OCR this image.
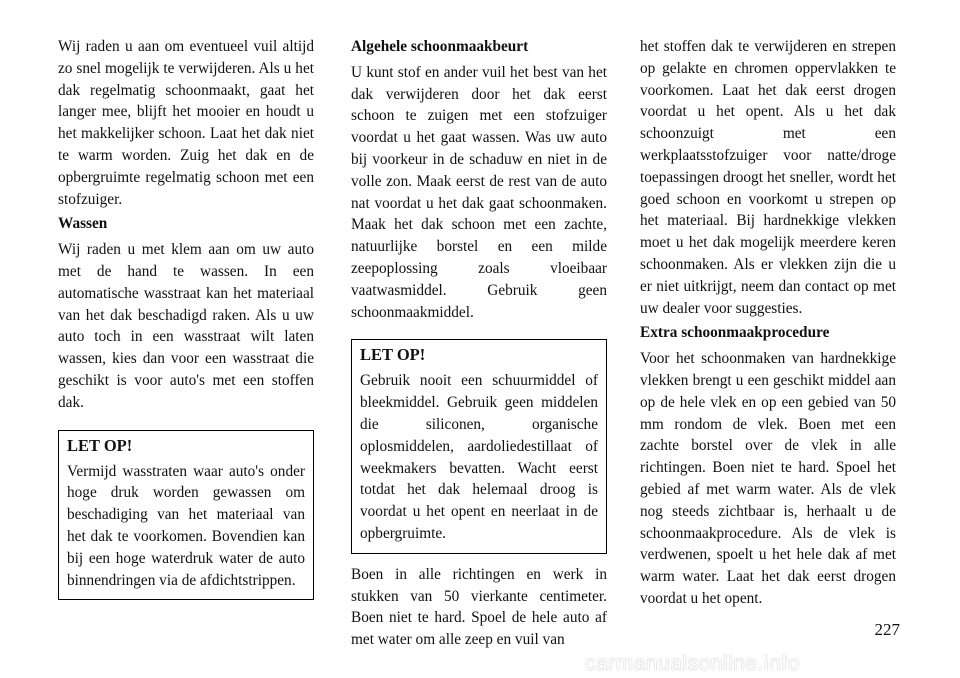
Wij raden u aan om eventueel vuil altijd zo snel mogelijk te verwijderen. Als u het dak regelmatig schoonmaakt, gaat het langer mee, blijft het mooier en houdt u het makkelijker schoon. Laat het dak niet te warm worden. Zuig het dak en de opbergruimte regelmatig schoon met een stofzuiger.

Wassen

Wij raden u met klem aan om uw auto met de hand te wassen. In een automatische wasstraat kan het materiaal van het dak beschadigd raken. Als u uw auto toch in een wasstraat wilt laten wassen, kies dan voor een wasstraat die geschikt is voor auto's met een stoffen dak.

LET OP!

Vermijd wasstraten waar auto's onder hoge druk worden gewassen om beschadiging van het materiaal van het dak te voorkomen. Bovendien kan bij een hoge waterdruk water de auto binnendringen via de afdichtstrippen.

Algehele schoonmaakbeurt

U kunt stof en ander vuil het best van het dak verwijderen door het dak eerst schoon te zuigen met een stofzuiger voordat u het gaat wassen. Was uw auto bij voorkeur in de schaduw en niet in de volle zon. Maak eerst de rest van de auto nat voordat u het dak gaat schoonmaken. Maak het dak schoon met een zachte, natuurlijke borstel en een milde zeepoplossing zoals vloeibaar vaatwasmiddel. Gebruik geen schoonmaakmiddel.

LET OP!

Gebruik nooit een schuurmiddel of bleekmiddel. Gebruik geen middelen die siliconen, organische oplosmiddelen, aardoliedestillaat of weekmakers bevatten. Wacht eerst totdat het dak helemaal droog is voordat u het opent en neerlaat in de opbergruimte.

Boen in alle richtingen en werk in stukken van 50 vierkante centimeter. Boen niet te hard. Spoel de hele auto af met water om alle zeep en vuil van

het stoffen dak te verwijderen en strepen op gelakte en chromen oppervlakken te voorkomen. Laat het dak eerst drogen voordat u het opent. Als u het dak schoonzuigt met een werkplaatsstofzuiger voor natte/droge toepassingen droogt het sneller, wordt het goed schoon en voorkomt u strepen op het materiaal. Bij hardnekkige vlekken moet u het dak mogelijk meerdere keren schoonmaken. Als er vlekken zijn die u er niet uitkrijgt, neem dan contact op met uw dealer voor suggesties.

Extra schoonmaakprocedure

Voor het schoonmaken van hardnekkige vlekken brengt u een geschikt middel aan op de hele vlek en op een gebied van 50 mm rondom de vlek. Boen met een zachte borstel over de vlek in alle richtingen. Boen niet te hard. Spoel het gebied af met warm water. Als de vlek nog steeds zichtbaar is, herhaalt u de schoonmaakprocedure. Als de vlek is verdwenen, spoelt u het hele dak af met warm water. Laat het dak eerst drogen voordat u het opent.

227
carmanualsonline.info
